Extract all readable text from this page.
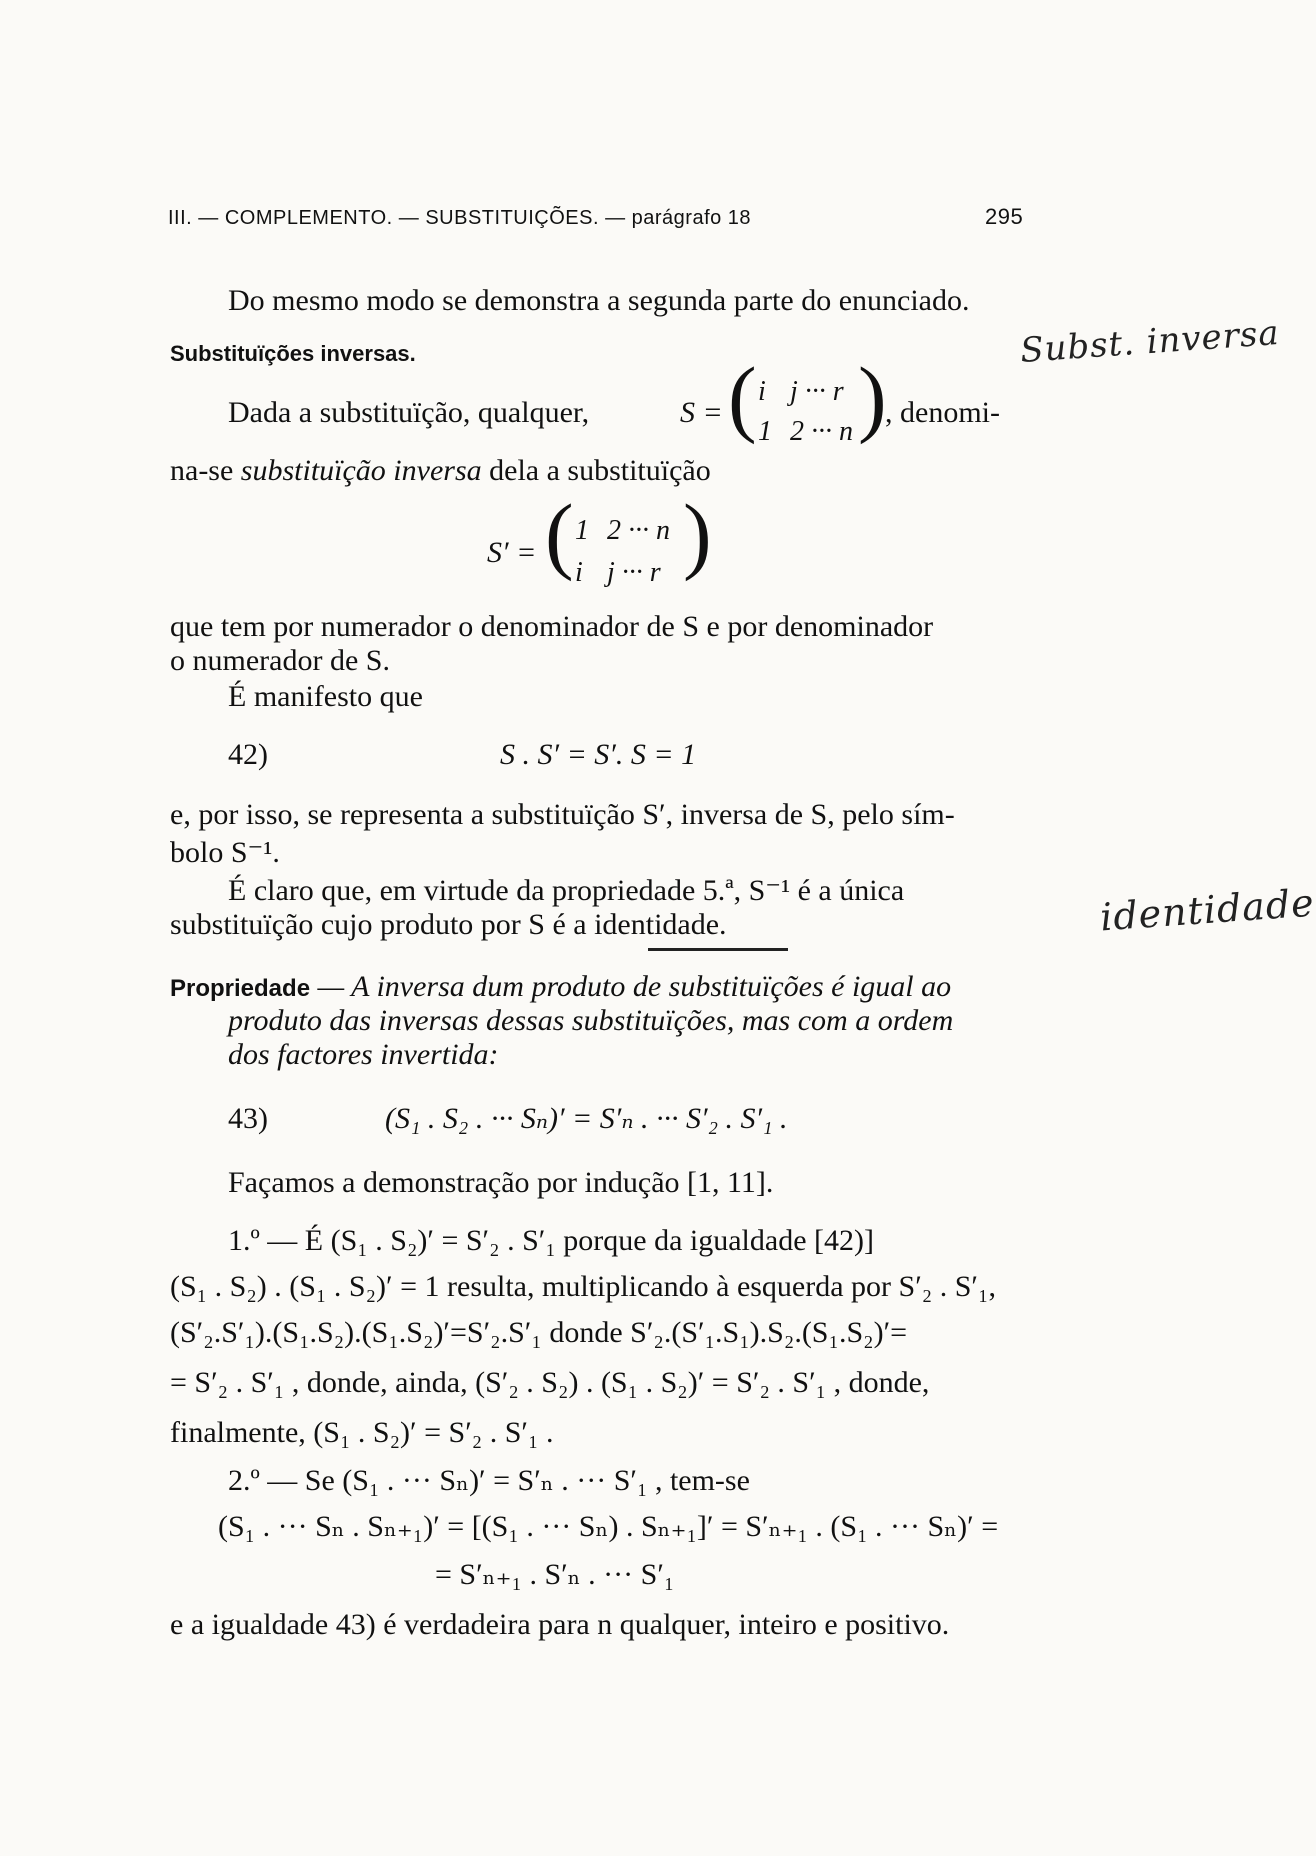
III. — COMPLEMENTO. — SUBSTITUIÇÕES. — parágrafo 18	295
Do mesmo modo se demonstra a segunda parte do enunciado.
Substituïções inversas.	Subst. inversa
Dada a substituïção, qualquer,	S = ( i j ··· r
1 2 ··· n )
, denomi-
na-se substituïção inversa dela a substituïção
S′ = ( 1 2 ··· n
i j ··· r )
que tem por numerador o denominador de S e por denominador
o numerador de S.
É manifesto que
42)	S . S′ = S′. S = 1
e, por isso, se representa a substituïção S′, inversa de S, pelo sím-
bolo S⁻¹.
É claro que, em virtude da propriedade 5.ª, S⁻¹ é a única
substituïção cujo produto por S é a identidade.	identidade
Propriedade — A inversa dum produto de substituïções é igual ao
produto das inversas dessas substituïções, mas com a ordem
dos factores invertida:
43)	(S₁ . S₂ . ··· Sₙ)′ = S′ₙ . ··· S′₂ . S′₁ .
Façamos a demonstração por indução [1, 11].
1.º — É (S₁ . S₂)′ = S′₂ . S′₁ porque da igualdade [42)]
(S₁ . S₂) . (S₁ . S₂)′ = 1 resulta, multiplicando à esquerda por S′₂ . S′₁,
(S′₂.S′₁).(S₁.S₂).(S₁.S₂)′=S′₂.S′₁ donde S′₂.(S′₁.S₁).S₂.(S₁.S₂)′=
= S′₂ . S′₁ , donde, ainda, (S′₂ . S₂) . (S₁ . S₂)′ = S′₂ . S′₁ , donde,
finalmente, (S₁ . S₂)′ = S′₂ . S′₁ .
2.º — Se (S₁ . ··· Sₙ)′ = S′ₙ . ··· S′₁ , tem-se
(S₁ . ··· Sₙ . Sₙ₊₁)′ = [(S₁ . ··· Sₙ) . Sₙ₊₁]′ = S′ₙ₊₁ . (S₁ . ··· Sₙ)′ =
= S′ₙ₊₁ . S′ₙ . ··· S′₁
e a igualdade 43) é verdadeira para n qualquer, inteiro e positivo.
